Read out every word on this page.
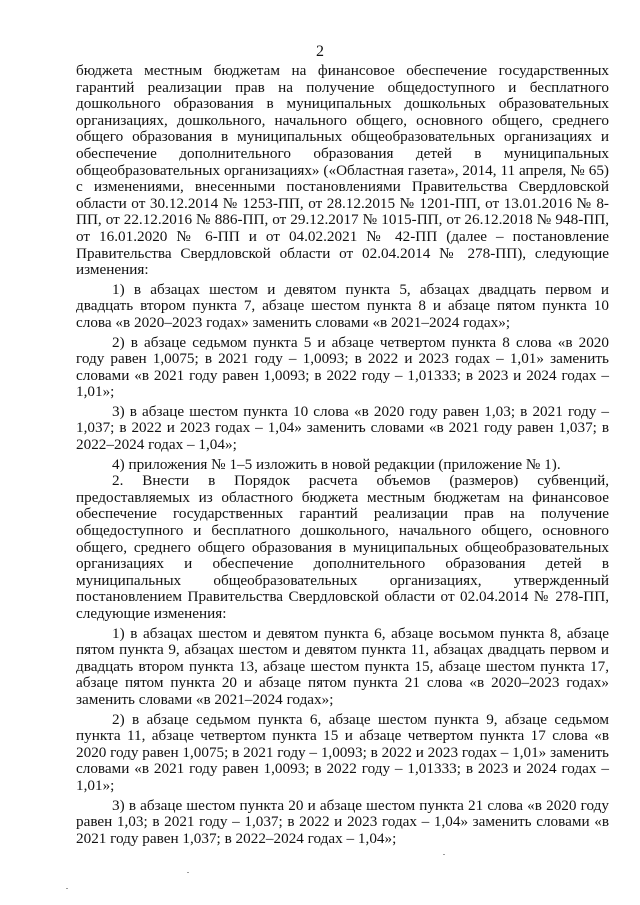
2

бюджета местным бюджетам на финансовое обеспечение государственных гарантий реализации прав на получение общедоступного и бесплатного дошкольного образования в муниципальных дошкольных образовательных организациях, дошкольного, начального общего, основного общего, среднего общего образования в муниципальных общеобразовательных организациях и обеспечение дополнительного образования детей в муниципальных общеобразовательных организациях» («Областная газета», 2014, 11 апреля, № 65) с изменениями, внесенными постановлениями Правительства Свердловской области от 30.12.2014 № 1253-ПП, от 28.12.2015 № 1201-ПП, от 13.01.2016 № 8-ПП, от 22.12.2016 № 886-ПП, от 29.12.2017 № 1015-ПП, от 26.12.2018 № 948-ПП, от 16.01.2020 № 6-ПП и от 04.02.2021 № 42-ПП (далее – постановление Правительства Свердловской области от 02.04.2014 № 278-ПП), следующие изменения:

1) в абзацах шестом и девятом пункта 5, абзацах двадцать первом и двадцать втором пункта 7, абзаце шестом пункта 8 и абзаце пятом пункта 10 слова «в 2020–2023 годах» заменить словами «в 2021–2024 годах»;

2) в абзаце седьмом пункта 5 и абзаце четвертом пункта 8 слова «в 2020 году равен 1,0075; в 2021 году – 1,0093; в 2022 и 2023 годах – 1,01» заменить словами «в 2021 году равен 1,0093; в 2022 году – 1,01333; в 2023 и 2024 годах – 1,01»;

3) в абзаце шестом пункта 10 слова «в 2020 году равен 1,03; в 2021 году – 1,037; в 2022 и 2023 годах – 1,04» заменить словами «в 2021 году равен 1,037; в 2022–2024 годах – 1,04»;

4) приложения № 1–5 изложить в новой редакции (приложение № 1).

2. Внести в Порядок расчета объемов (размеров) субвенций, предоставляемых из областного бюджета местным бюджетам на финансовое обеспечение государственных гарантий реализации прав на получение общедоступного и бесплатного дошкольного, начального общего, основного общего, среднего общего образования в муниципальных общеобразовательных организациях и обеспечение дополнительного образования детей в муниципальных общеобразовательных организациях, утвержденный постановлением Правительства Свердловской области от 02.04.2014 № 278-ПП, следующие изменения:

1) в абзацах шестом и девятом пункта 6, абзаце восьмом пункта 8, абзаце пятом пункта 9, абзацах шестом и девятом пункта 11, абзацах двадцать первом и двадцать втором пункта 13, абзаце шестом пункта 15, абзаце шестом пункта 17, абзаце пятом пункта 20 и абзаце пятом пункта 21 слова «в 2020–2023 годах» заменить словами «в 2021–2024 годах»;

2) в абзаце седьмом пункта 6, абзаце шестом пункта 9, абзаце седьмом пункта 11, абзаце четвертом пункта 15 и абзаце четвертом пункта 17 слова «в 2020 году равен 1,0075; в 2021 году – 1,0093; в 2022 и 2023 годах – 1,01» заменить словами «в 2021 году равен 1,0093; в 2022 году – 1,01333; в 2023 и 2024 годах – 1,01»;

3) в абзаце шестом пункта 20 и абзаце шестом пункта 21 слова «в 2020 году равен 1,03; в 2021 году – 1,037; в 2022 и 2023 годах – 1,04» заменить словами «в 2021 году равен 1,037; в 2022–2024 годах – 1,04»;
